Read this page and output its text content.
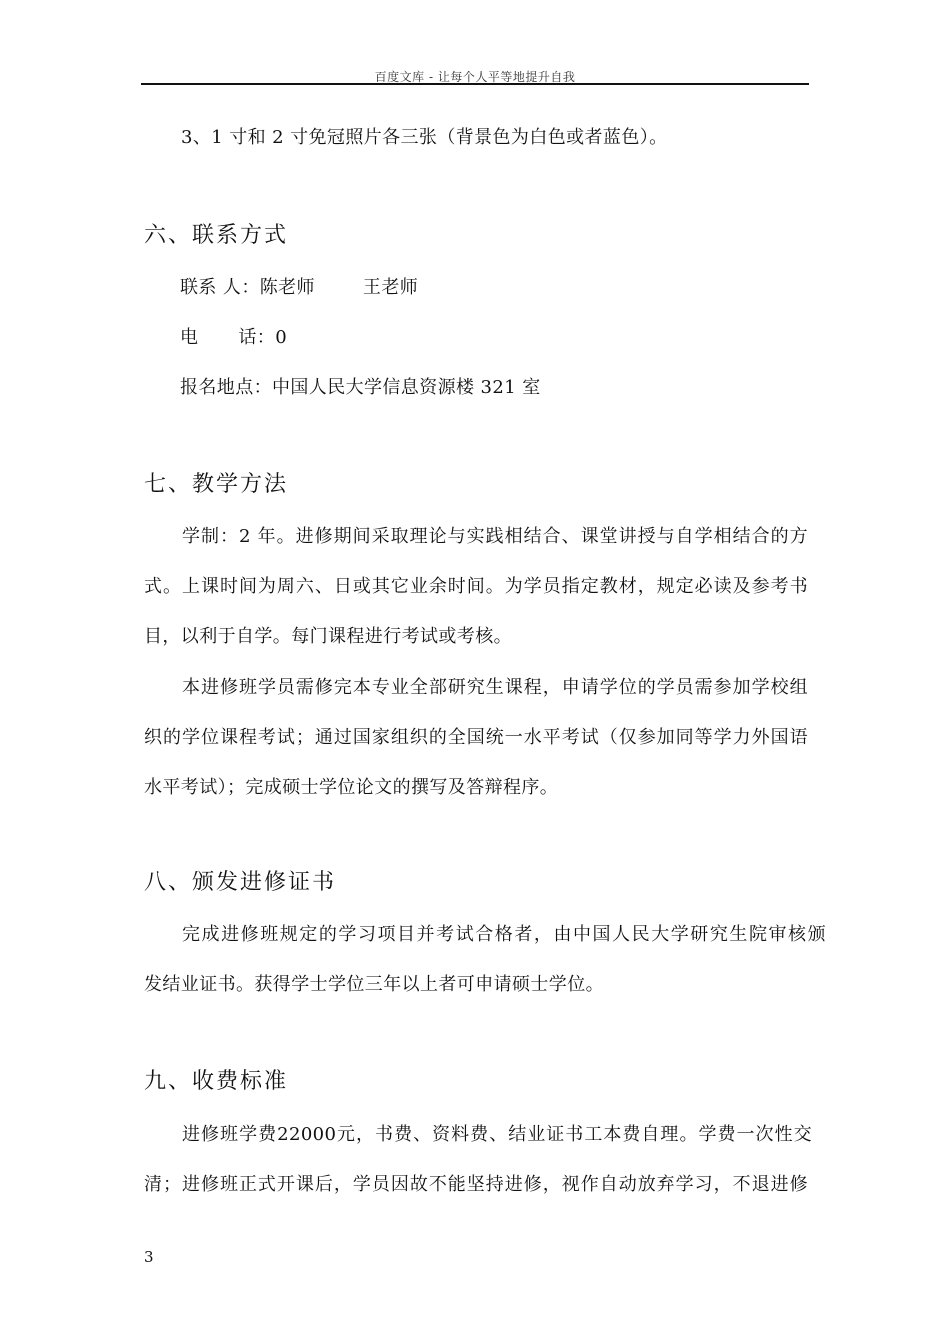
百度文库 - 让每个人平等地提升自我
3、1 寸和 2 寸免冠照片各三张（背景色为白色或者蓝色）。
六、联系方式
联系 人：陈老师	王老师
电 话：0
报名地点：中国人民大学信息资源楼 321 室
七、教学方法
学制：2 年。进修期间采取理论与实践相结合、课堂讲授与自学相结合的方
式。上课时间为周六、日或其它业余时间。为学员指定教材，规定必读及参考书
目，以利于自学。每门课程进行考试或考核。
本进修班学员需修完本专业全部研究生课程，申请学位的学员需参加学校组
织的学位课程考试；通过国家组织的全国统一水平考试（仅参加同等学力外国语
水平考试）；完成硕士学位论文的撰写及答辩程序。
八、颁发进修证书
完成进修班规定的学习项目并考试合格者，由中国人民大学研究生院审核颁
发结业证书。获得学士学位三年以上者可申请硕士学位。
九、收费标准
进修班学费22000元，书费、资料费、结业证书工本费自理。学费一次性交
清；进修班正式开课后，学员因故不能坚持进修，视作自动放弃学习，不退进修
3
